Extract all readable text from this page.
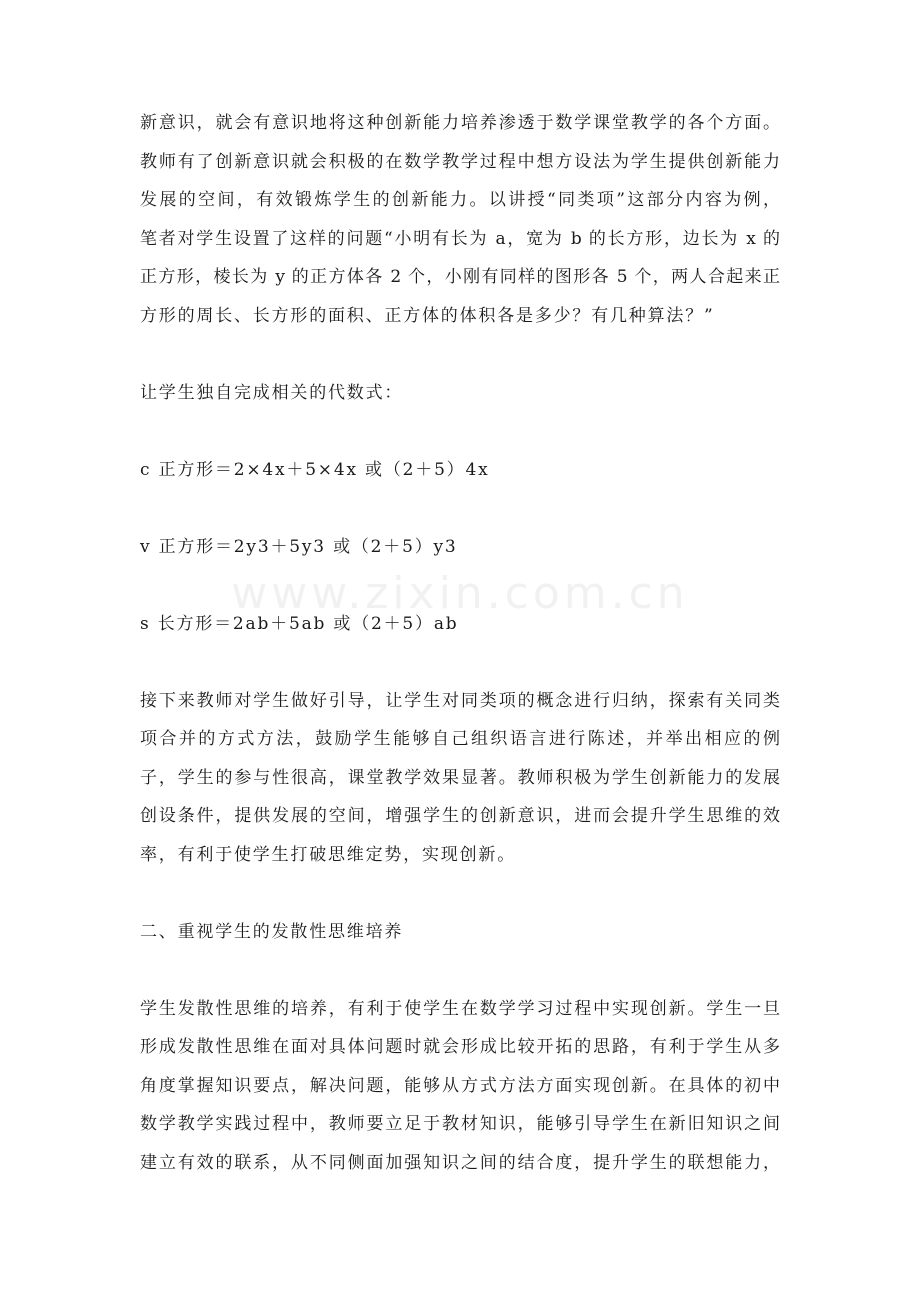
www.zixin.com.cn
新意识，就会有意识地将这种创新能力培养渗透于数学课堂教学的各个方面。
教师有了创新意识就会积极的在数学教学过程中想方设法为学生提供创新能力
发展的空间，有效锻炼学生的创新能力。以讲授“同类项”这部分内容为例，
笔者对学生设置了这样的问题“小明有长为 a，宽为 b 的长方形，边长为 x 的
正方形，棱长为 y 的正方体各 2 个，小刚有同样的图形各 5 个，两人合起来正
方形的周长、长方形的面积、正方体的体积各是多少？有几种算法？”
让学生独自完成相关的代数式：
c 正方形＝2×4x＋5×4x 或（2＋5）4x
v 正方形＝2y3＋5y3 或（2＋5）y3
s 长方形＝2ab＋5ab 或（2＋5）ab
接下来教师对学生做好引导，让学生对同类项的概念进行归纳，探索有关同类
项合并的方式方法，鼓励学生能够自己组织语言进行陈述，并举出相应的例
子，学生的参与性很高，课堂教学效果显著。教师积极为学生创新能力的发展
创设条件，提供发展的空间，增强学生的创新意识，进而会提升学生思维的效
率，有利于使学生打破思维定势，实现创新。
二、重视学生的发散性思维培养
学生发散性思维的培养，有利于使学生在数学学习过程中实现创新。学生一旦
形成发散性思维在面对具体问题时就会形成比较开拓的思路，有利于学生从多
角度掌握知识要点，解决问题，能够从方式方法方面实现创新。在具体的初中
数学教学实践过程中，教师要立足于教材知识，能够引导学生在新旧知识之间
建立有效的联系，从不同侧面加强知识之间的结合度，提升学生的联想能力，
